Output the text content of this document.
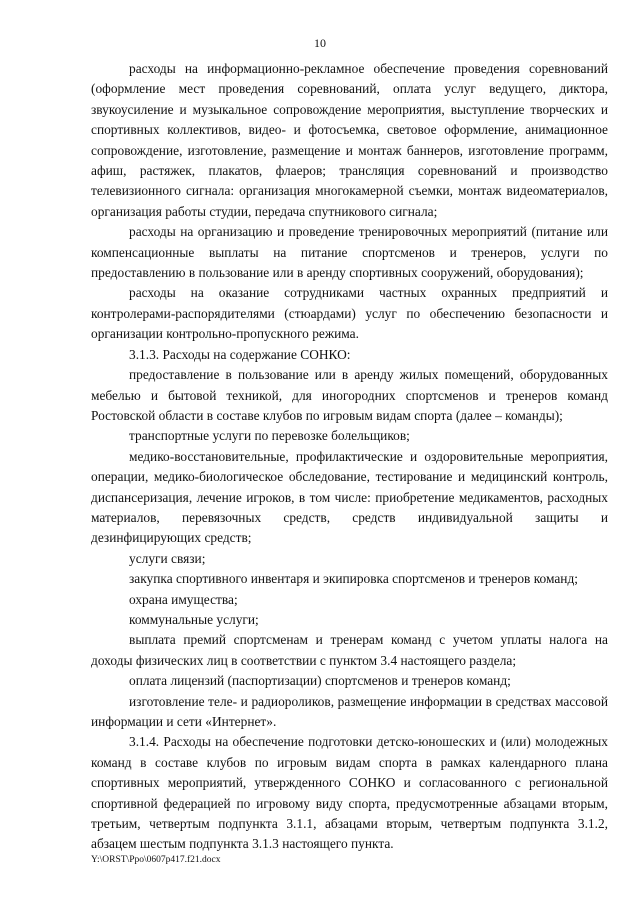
10

расходы на информационно-рекламное обеспечение проведения соревнований (оформление мест проведения соревнований, оплата услуг ведущего, диктора, звукоусиление и музыкальное сопровождение мероприятия, выступление творческих и спортивных коллективов, видео- и фотосъемка, световое оформление, анимационное сопровождение, изготовление, размещение и монтаж баннеров, изготовление программ, афиш, растяжек, плакатов, флаеров; трансляция соревнований и производство телевизионного сигнала: организация многокамерной съемки, монтаж видеоматериалов, организация работы студии, передача спутникового сигнала;

расходы на организацию и проведение тренировочных мероприятий (питание или компенсационные выплаты на питание спортсменов и тренеров, услуги по предоставлению в пользование или в аренду спортивных сооружений, оборудования);

расходы на оказание сотрудниками частных охранных предприятий и контролерами-распорядителями (стюардами) услуг по обеспечению безопасности и организации контрольно-пропускного режима.

3.1.3. Расходы на содержание СОНКО:

предоставление в пользование или в аренду жилых помещений, оборудованных мебелью и бытовой техникой, для иногородних спортсменов и тренеров команд Ростовской области в составе клубов по игровым видам спорта (далее – команды);

транспортные услуги по перевозке болельщиков;

медико-восстановительные, профилактические и оздоровительные мероприятия, операции, медико-биологическое обследование, тестирование и медицинский контроль, диспансеризация, лечение игроков, в том числе: приобретение медикаментов, расходных материалов, перевязочных средств, средств индивидуальной защиты и дезинфицирующих средств;

услуги связи;

закупка спортивного инвентаря и экипировка спортсменов и тренеров команд;

охрана имущества;

коммунальные услуги;

выплата премий спортсменам и тренерам команд с учетом уплаты налога на доходы физических лиц в соответствии с пунктом 3.4 настоящего раздела;

оплата лицензий (паспортизации) спортсменов и тренеров команд;

изготовление теле- и радиороликов, размещение информации в средствах массовой информации и сети «Интернет».

3.1.4. Расходы на обеспечение подготовки детско-юношеских и (или) молодежных команд в составе клубов по игровым видам спорта в рамках календарного плана спортивных мероприятий, утвержденного СОНКО и согласованного с региональной спортивной федерацией по игровому виду спорта, предусмотренные абзацами вторым, третьим, четвертым подпункта 3.1.1, абзацами вторым, четвертым подпункта 3.1.2, абзацем шестым подпункта 3.1.3 настоящего пункта.

Y:\ORST\Ppo\0607p417.f21.docx
